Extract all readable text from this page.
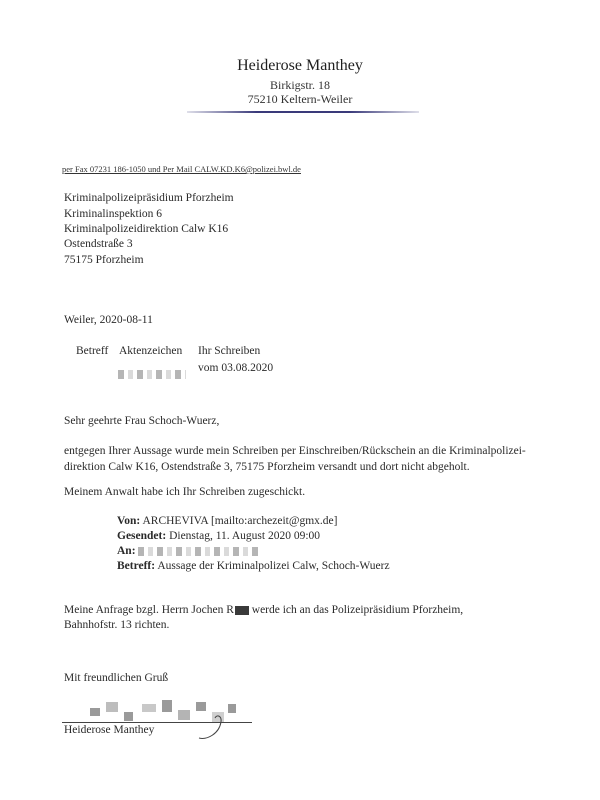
Heiderose Manthey
Birkigstr. 18
75210 Keltern-Weiler
per Fax 07231 186-1050 und Per Mail CALW.KD.K6@polizei.bwl.de
Kriminalpolizeipräsidium Pforzheim
Kriminalinspektion 6
Kriminalpolizeidirektion Calw K16
Ostendstraße 3
75175 Pforzheim
Weiler, 2020-08-11
Betreff Aktenzeichen Ihr Schreiben
vom 03.08.2020
Sehr geehrte Frau Schoch-Wuerz,
entgegen Ihrer Aussage wurde mein Schreiben per Einschreiben/Rückschein an die Kriminalpolizei-
direktion Calw K16, Ostendstraße 3, 75175 Pforzheim versandt und dort nicht abgeholt.
Meinem Anwalt habe ich Ihr Schreiben zugeschickt.
Von: ARCHEVIVA [mailto:archezeit@gmx.de]
Gesendet: Dienstag, 11. August 2020 09:00
An:
Betreff: Aussage der Kriminalpolizei Calw, Schoch-Wuerz
Meine Anfrage bzgl. Herrn Jochen R werde ich an das Polizeipräsidium Pforzheim,
Bahnhofstr. 13 richten.
Mit freundlichen Gruß
Heiderose Manthey
